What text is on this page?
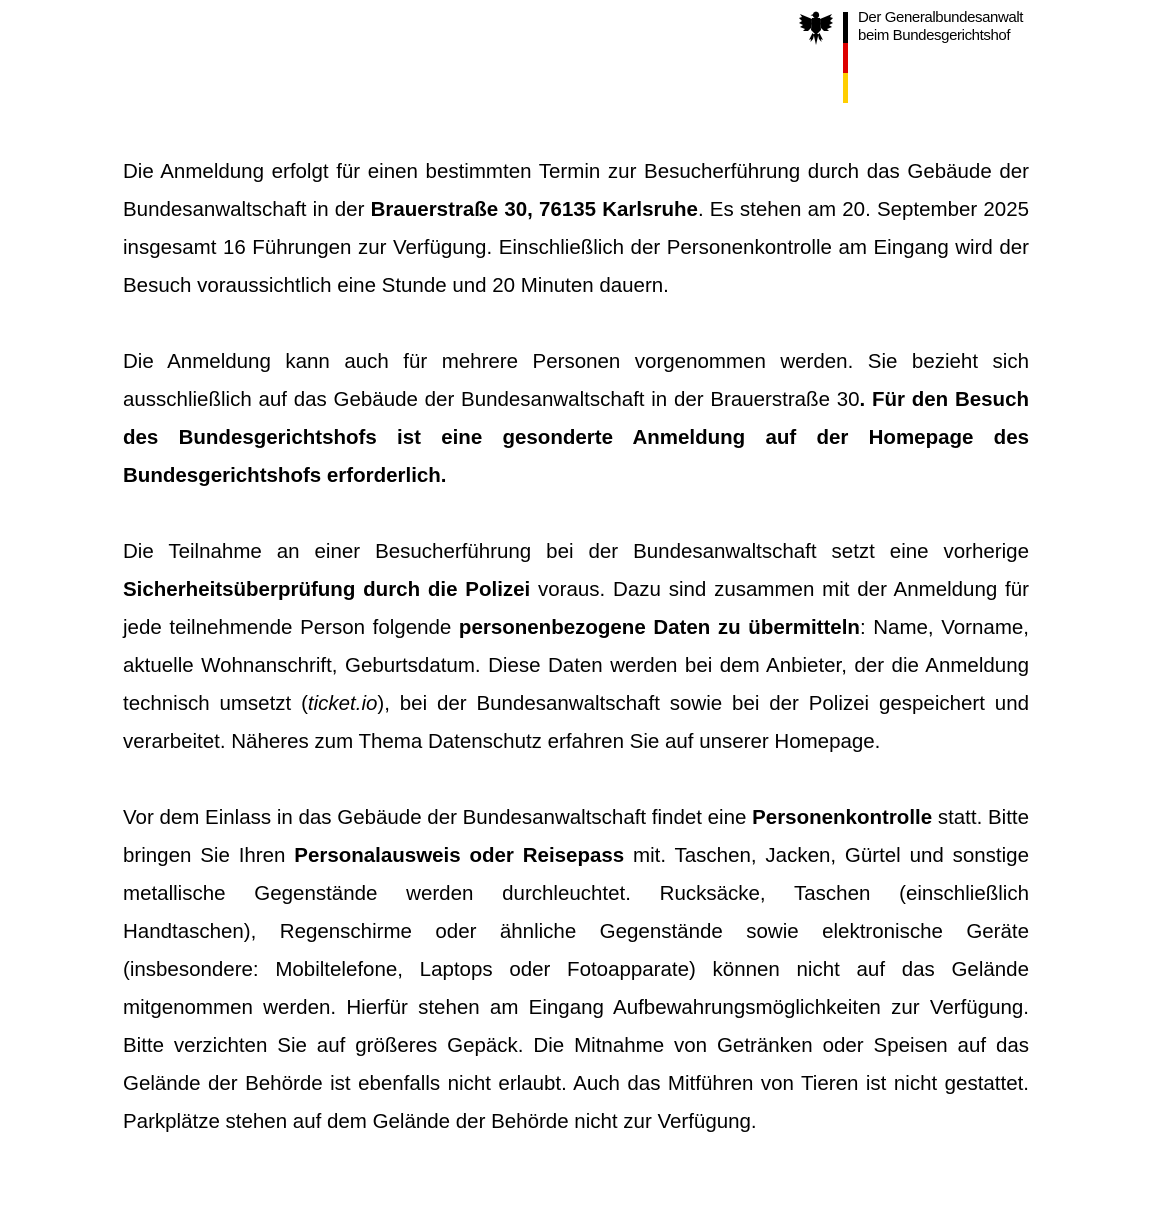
Der Generalbundesanwalt
beim Bundesgerichtshof

Die Anmeldung erfolgt für einen bestimmten Termin zur Besucherführung durch das Gebäude der Bundesanwaltschaft in der Brauerstraße 30, 76135 Karlsruhe. Es stehen am 20. September 2025 insgesamt 16 Führungen zur Verfügung. Einschließlich der Personenkontrolle am Eingang wird der Besuch voraussichtlich eine Stunde und 20 Minuten dauern.

Die Anmeldung kann auch für mehrere Personen vorgenommen werden. Sie bezieht sich ausschließlich auf das Gebäude der Bundesanwaltschaft in der Brauerstraße 30. Für den Besuch des Bundesgerichtshofs ist eine gesonderte Anmeldung auf der Homepage des Bundesgerichtshofs erforderlich.

Die Teilnahme an einer Besucherführung bei der Bundesanwaltschaft setzt eine vorherige Sicherheitsüberprüfung durch die Polizei voraus. Dazu sind zusammen mit der Anmeldung für jede teilnehmende Person folgende personenbezogene Daten zu übermitteln: Name, Vorname, aktuelle Wohnanschrift, Geburtsdatum. Diese Daten werden bei dem Anbieter, der die Anmeldung technisch umsetzt (ticket.io), bei der Bundesanwaltschaft sowie bei der Polizei gespeichert und verarbeitet. Näheres zum Thema Datenschutz erfahren Sie auf unserer Homepage.

Vor dem Einlass in das Gebäude der Bundesanwaltschaft findet eine Personenkontrolle statt. Bitte bringen Sie Ihren Personalausweis oder Reisepass mit. Taschen, Jacken, Gürtel und sonstige metallische Gegenstände werden durchleuchtet. Rucksäcke, Taschen (einschließlich Handtaschen), Regenschirme oder ähnliche Gegenstände sowie elektronische Geräte (insbesondere: Mobiltelefone, Laptops oder Fotoapparate) können nicht auf das Gelände mitgenommen werden. Hierfür stehen am Eingang Aufbewahrungsmöglichkeiten zur Verfügung. Bitte verzichten Sie auf größeres Gepäck. Die Mitnahme von Getränken oder Speisen auf das Gelände der Behörde ist ebenfalls nicht erlaubt. Auch das Mitführen von Tieren ist nicht gestattet. Parkplätze stehen auf dem Gelände der Behörde nicht zur Verfügung.
